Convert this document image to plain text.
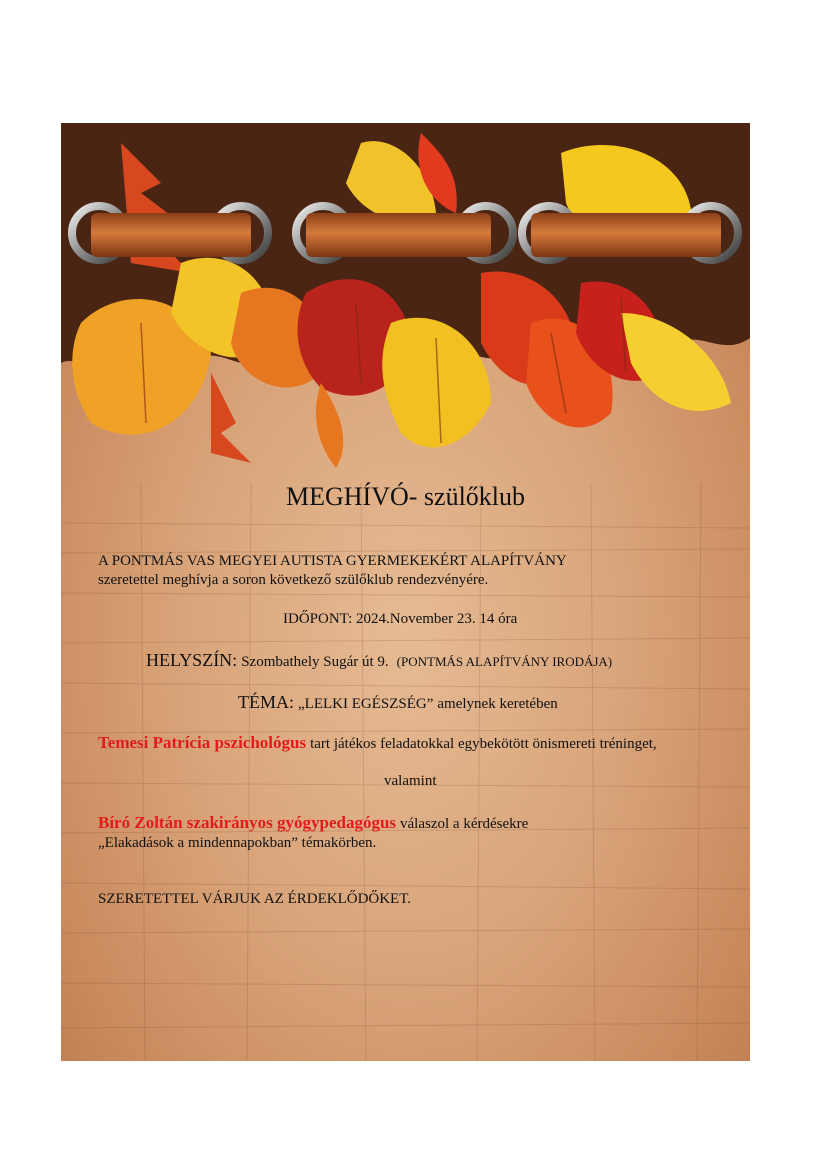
MEGHÍVÓ- szülőklub
A PONTMÁS VAS MEGYEI AUTISTA GYERMEKEKÉRT ALAPÍTVÁNY
szeretettel meghívja a soron következő szülőklub rendezvényére.
IDŐPONT: 2024.November 23. 14 óra
HELYSZÍN: Szombathely Sugár út 9. (PONTMÁS ALAPÍTVÁNY IRODÁJA)
TÉMA: „LELKI EGÉSZSÉG” amelynek keretében
Temesi Patrícia pszichológus tart játékos feladatokkal egybekötött önismereti tréninget,
valamint
Bíró Zoltán szakirányos gyógypedagógus válaszol a kérdésekre
„Elakadások a mindennapokban” témakörben.
SZERETETTEL VÁRJUK AZ ÉRDEKLŐDŐKET.
